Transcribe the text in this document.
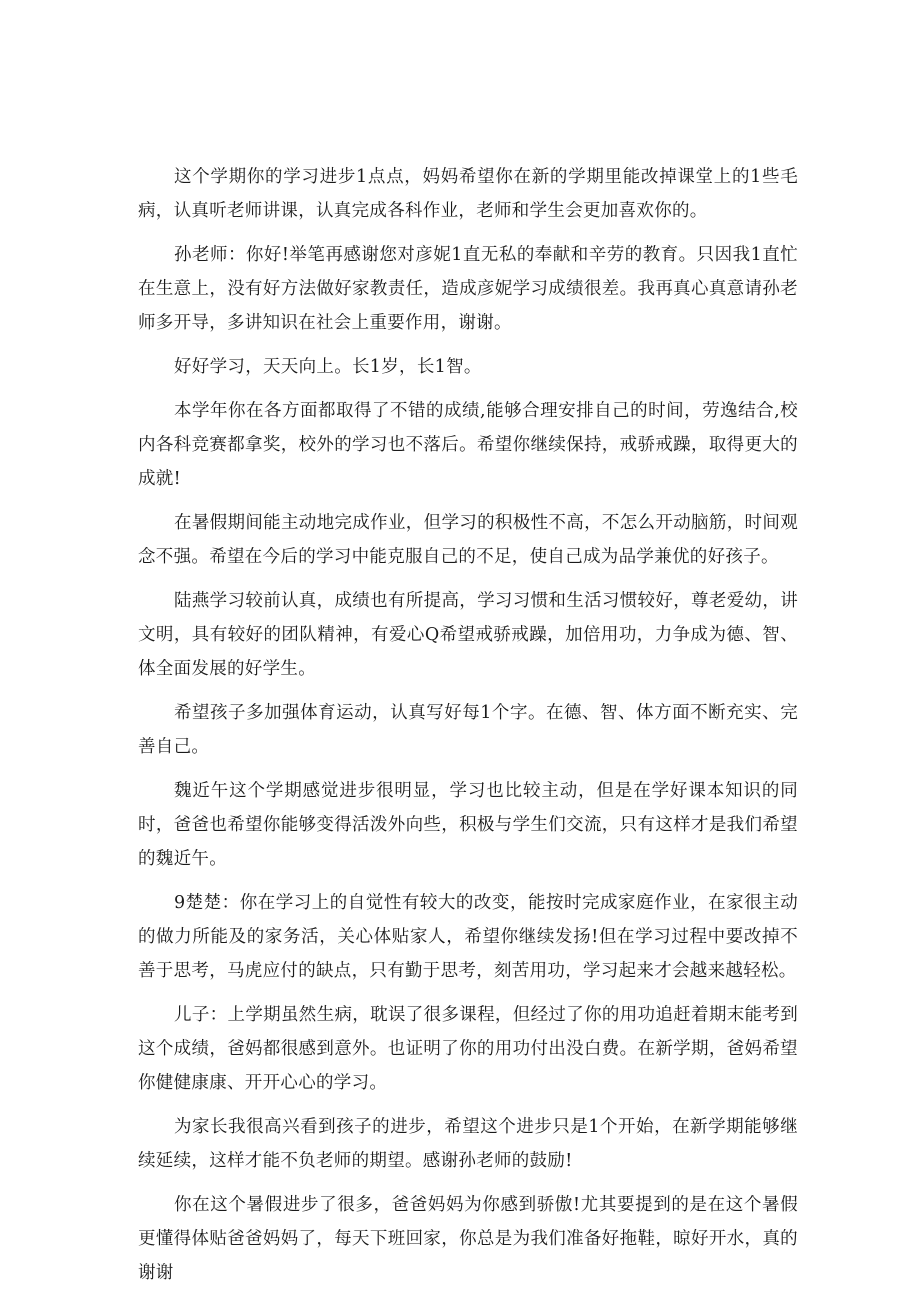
这个学期你的学习进步1点点，妈妈希望你在新的学期里能改掉课堂上的1些毛病，认真听老师讲课，认真完成各科作业，老师和学生会更加喜欢你的。

孙老师：你好!举笔再感谢您对彦妮1直无私的奉献和辛劳的教育。只因我1直忙在生意上，没有好方法做好家教责任，造成彦妮学习成绩很差。我再真心真意请孙老师多开导，多讲知识在社会上重要作用，谢谢。

好好学习，天天向上。长1岁，长1智。

本学年你在各方面都取得了不错的成绩,能够合理安排自己的时间，劳逸结合,校内各科竞赛都拿奖，校外的学习也不落后。希望你继续保持，戒骄戒躁，取得更大的成就!

在暑假期间能主动地完成作业，但学习的积极性不高，不怎么开动脑筋，时间观念不强。希望在今后的学习中能克服自己的不足，使自己成为品学兼优的好孩子。

陆燕学习较前认真，成绩也有所提高，学习习惯和生活习惯较好，尊老爱幼，讲文明，具有较好的团队精神，有爱心Q希望戒骄戒躁，加倍用功，力争成为德、智、体全面发展的好学生。

希望孩子多加强体育运动，认真写好每1个字。在德、智、体方面不断充实、完善自己。

魏近午这个学期感觉进步很明显，学习也比较主动，但是在学好课本知识的同时，爸爸也希望你能够变得活泼外向些，积极与学生们交流，只有这样才是我们希望的魏近午。

9楚楚：你在学习上的自觉性有较大的改变，能按时完成家庭作业，在家很主动的做力所能及的家务活，关心体贴家人，希望你继续发扬!但在学习过程中要改掉不善于思考，马虎应付的缺点，只有勤于思考，刻苦用功，学习起来才会越来越轻松。

儿子：上学期虽然生病，耽误了很多课程，但经过了你的用功追赶着期末能考到这个成绩，爸妈都很感到意外。也证明了你的用功付出没白费。在新学期，爸妈希望你健健康康、开开心心的学习。

为家长我很高兴看到孩子的进步，希望这个进步只是1个开始，在新学期能够继续延续，这样才能不负老师的期望。感谢孙老师的鼓励!

你在这个暑假进步了很多，爸爸妈妈为你感到骄傲!尤其要提到的是在这个暑假更懂得体贴爸爸妈妈了，每天下班回家，你总是为我们准备好拖鞋，晾好开水，真的谢谢
